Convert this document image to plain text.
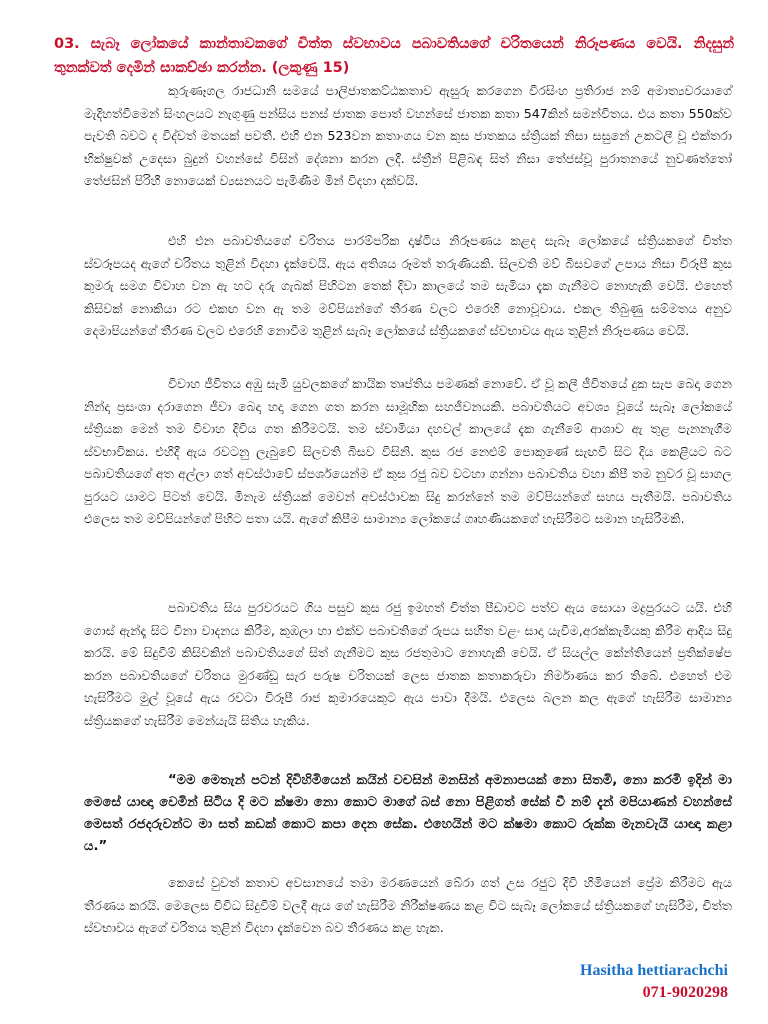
03. සැබෑ ලෝකයේ කාන්තාවකගේ චිත්ත ස්වභාවය පබාවතියගේ චරිතයෙන් නිරූපණය වෙයි. නිදසුන් තුනක්වත් දෙමින් සාකච්ඡා කරන්න. (ලකුණු 15)

කුරුණෑගල රාජධානි සමයේ පාලිජාතකට්ඨකතාව ඇසුරු කරගෙන වීරසිංහ ප්‍රතිරාජ නම් අමාත්‍යවරයාගේ මැදිහත්වීමෙන් සිංහලයට නැගුණු පන්සිය පනස් ජාතක පොත් වහන්සේ ජාතක කතා 547කින් සමන්විතය. එය කතා 550ක්ව පැවති බවට ද විද්වත් මතයක් පවතී. එහි එන 523වන කතාංගය වන කුස ජාතකය ස්ත්‍රියක් නිසා සසුනේ උකටලී වූ එක්තරා භික්ෂුවක් උදෙසා බුදුන් වහන්සේ විසින් දේශනා කරන ලදී. ස්ත්‍රීන් පිළිබඳ සිත් නිසා තේජස්වූ පුරාතනයේ නුවණත්තෝ තේජසින් පිරිහී නොයෙක් ව්‍යසනයට පැමිණීම මින් විදහා දක්වයි.

එහි එන පබාවතියගේ චරිතය පාරම්පරික දෘෂ්ටිය නිරූපණය කළද සැබෑ ලෝකයේ ස්ත්‍රියකගේ චිත්ත ස්වරූපයද ඇගේ චරිතය තුළින් විදහා දැක්වෙයි. ඇය අතිශය රූමත් තරුණියකි. සිලවති මව් බිසවගේ උපාය නිසා විරූපී කුස කුමරු සමග විවාහ වන ඇ හට දරු ගැබක් පිහිටන තෙක් දිවා කාලයේ තම සැමියා දැක ගැනීමට නොහැකි වෙයි. එහෙත් කිසිවක් නොකියා රට එකඟ වන ඇ තම මව්පියන්ගේ තීරණ වලට එරෙහි නොවූවාය. එකල තිබුණු සම්මතය අනුව දෙමාපියන්ගේ තීරණ වලට එරෙහි නොවීම තුළින් සැබෑ ලෝකයේ ස්ත්‍රියකගේ ස්වභාවය ඇය තුළින් නිරූපණය වෙයි.

විවාහ ජීවිතය අඹු සැමි යුවලකගේ කායික තෘප්තිය පමණක් නොවේ. ඒ වූ කලී ජීවිතයේ දුක සැප බෙදා ගෙන නින්දා ප්‍රසංශා දරාගෙන ජීවා බෙදා හදා ගෙන ගත කරන සාමූහික සහජීවනයකි. පබාවතියට අවශ්‍ය වූයේ සැබෑ ලෝකයේ ස්ත්‍රියක මෙන් තම විවාහ දිවිය ගත කිරීමටයි. තම ස්වාමියා දහවල් කාලයේ දැක ගැනීමේ ආශාව ඇ තුළ පැනනැගීම ස්වභාවිකය. එහිදී ඇය රවටනු ලැබුවේ සිලවති බිසව විසිනි. කුස රජ නෙළුම් පොකුණේ සැඟවී සිට දිය කෙළියට බට පබාවතියගේ අත අල්ලා ගත් අවස්ථාවේ ස්පර්ශයෙන්ම ඒ කුස රජු බව වටහා ගන්නා පබාවතිය වහා කිපී තම නුවර වූ සාගල පුරයට යාමට පිටත් වෙයි. මිනැම ස්ත්‍රියක් මෙවන් අවස්ථාවක සිදු කරන්නේ තම මව්පියන්ගේ සහය පැතීමයි. පබාවතිය එලෙස තම මව්පියන්ගේ පිහිට පතා යයි. ඇගේ කිපීම සාමාන්‍ය ලෝකයේ ගෘහණියකගේ හැසිරීමට සමාන හැසිරීමකි.

පබාවතිය සිය පුරවරයට ගිය පසුව කුස රජු ඉමහත් චිත්ත පීඩාවට පත්ව ඇය සොයා මද්‍රපුරයට යයි. එහි ගොස් ඇන්දෑ සිට වීනා වාදනය කිරීම, කුඹලා හා එක්ව පබාවතිගේ රුපය සහිත වළං සාදා යැවීම,අරක්කැමියකු කිරීම ආදිය සිදු කරයි. මේ සිදුවීම් කිසිවකින් පබාවතියගේ සිත් ගැනීමට කුස රජතුමාට නොහැකි වෙයි. ඒ සියල්ල කේන්තියෙන් ප්‍රතික්ෂේප කරන පබාවතියගේ චරිතය මුරණ්ඩු සැර පරුෂ චරිතයක් ලෙස ජාතක කතාකරුවා නිර්මාණය කර තිබේ. එහෙත් එම හැසිරීමට මුල් වූයේ ඇය රවටා විරූපී රාජ කුමාරයෙකුට ඇය පාවා දීමයි. එලෙස බලන කල ඇගේ හැසිරීම සාමාන්‍ය ස්ත්‍රියකගේ හැසිරීම මෙන්යැයි සිතිය හැකිය.

“මම මෙතැන් පටන් දිවිහිමියෙන් කයින් වචසින් මනසින් අමනාපයක් නො සිතමි, නො කරමි ඉදින් මා මෙසේ යාඥා වෙමින් සිටිය දි මට ක්ෂමා නො කොට මාගේ බස් නො පිළිගත් සේක් වී නම් දැන් මපියාණන් වහන්සේ මෙසත් රජදරුවන්ට මා සත් කඩක් කොට කපා දෙන සේක. එහෙයින් මට ක්ෂමා කොට රුක්ක මැනවැයි යාඥා කළා ය.”

කෙසේ වුවත් කතාව අවසානයේ තමා මරණයෙන් බේරා ගත් උස රජුට දිවි හිමියෙන් ප්‍රේම කිරීමට ඇය තීරණය කරයි. මෙලෙස විවිධ සිදුවීම් වලදී ඇය ගේ හැසිරීම නිරීක්ෂණය කළ විට සැබෑ ලෝකයේ ස්ත්‍රියකගේ හැසිරීම, චිත්ත ස්වභාවය ඇගේ චරිතය තුළින් විදහා දැක්වෙන බව තීරණය කළ හැක.

Hasitha hettiarachchi
071-9020298
